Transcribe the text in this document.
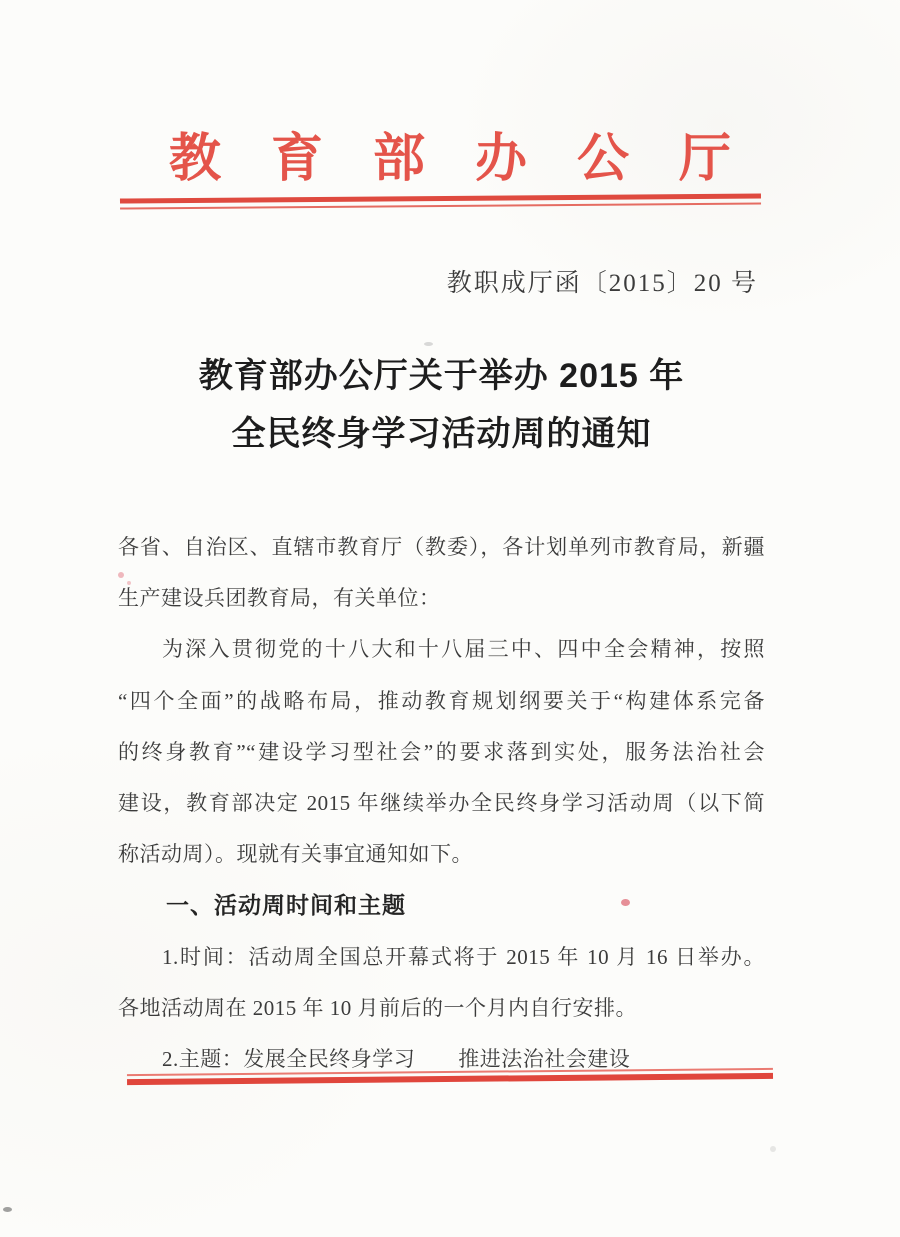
教育部办公厅
教职成厅函〔2015〕20 号
教育部办公厅关于举办 2015 年
全民终身学习活动周的通知
各省、自治区、直辖市教育厅（教委），各计划单列市教育局，新疆
生产建设兵团教育局，有关单位：
为深入贯彻党的十八大和十八届三中、四中全会精神，按照
“四个全面”的战略布局，推动教育规划纲要关于“构建体系完备
的终身教育”“建设学习型社会”的要求落到实处，服务法治社会
建设，教育部决定 2015 年继续举办全民终身学习活动周（以下简
称活动周）。现就有关事宜通知如下。
一、活动周时间和主题
1.时间：活动周全国总开幕式将于 2015 年 10 月 16 日举办。
各地活动周在 2015 年 10 月前后的一个月内自行安排。
2.主题：发展全民终身学习　　推进法治社会建设
